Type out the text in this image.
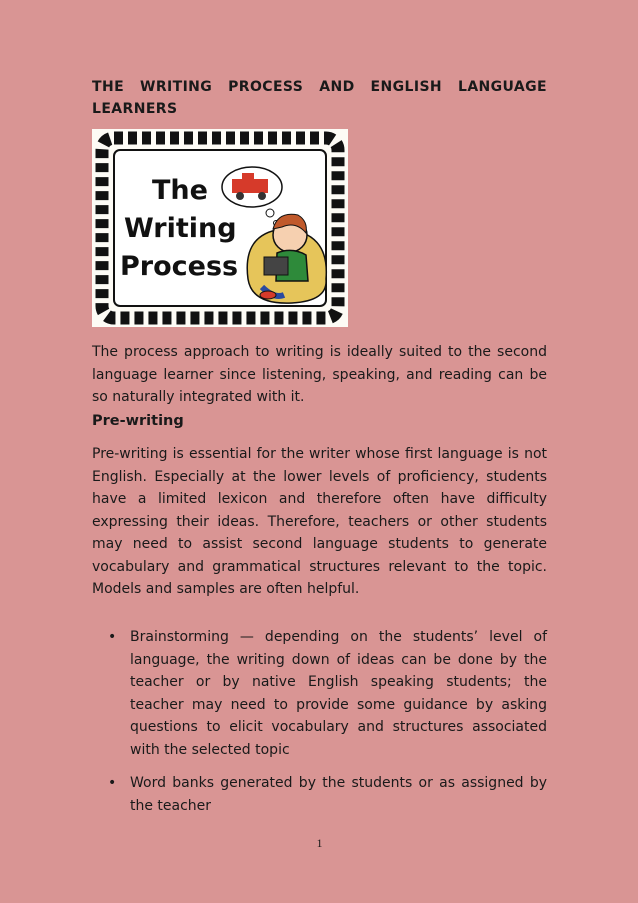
THE WRITING PROCESS AND ENGLISH LANGUAGE LEARNERS
The
Writing
Process
The process approach to writing is ideally suited to the second language learner since listening, speaking, and reading can be so naturally integrated with it.
Pre-writing
Pre-writing is essential for the writer whose first language is not English. Especially at the lower levels of proficiency, students have a limited lexicon and therefore often have difficulty expressing their ideas. Therefore, teachers or other students may need to assist second language students to generate vocabulary and grammatical structures relevant to the topic. Models and samples are often helpful.
• Brainstorming — depending on the students’ level of language, the writing down of ideas can be done by the teacher or by native English speaking students; the teacher may need to provide some guidance by asking questions to elicit vocabulary and structures associated with the selected topic
• Word banks generated by the students or as assigned by the teacher
1
